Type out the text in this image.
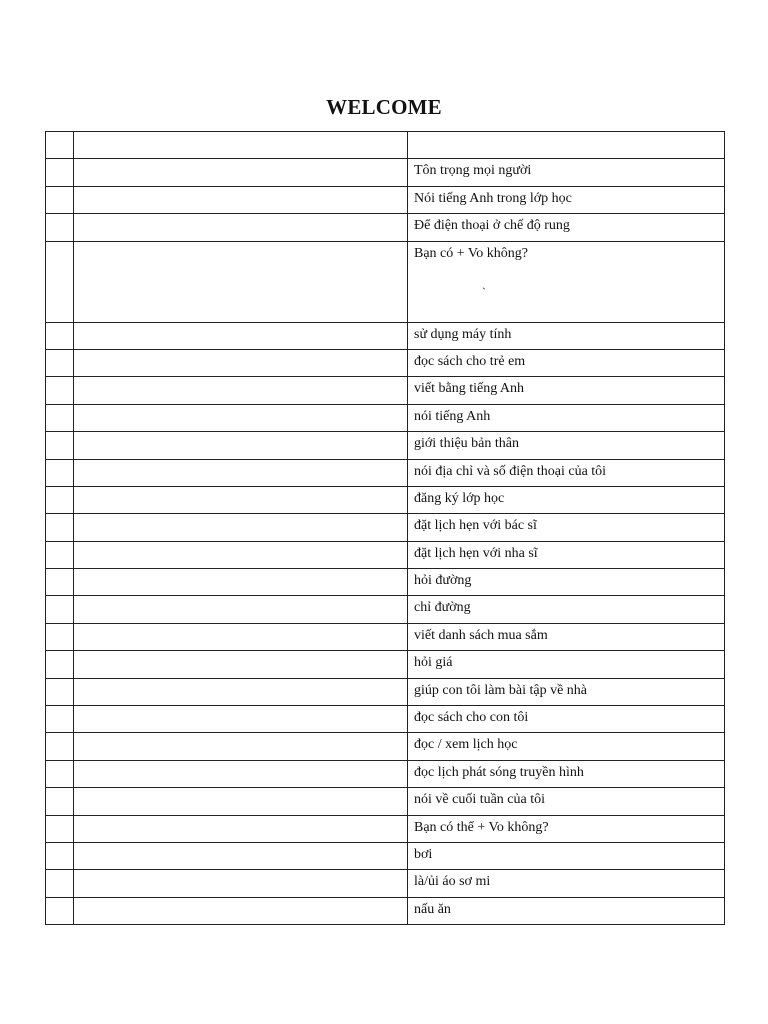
WELCOME

		Tôn trọng mọi người
		Nói tiếng Anh trong lớp học
		Để điện thoại ở chế độ rung
		Bạn có + Vo không?
ˏ

		sử dụng máy tính
		đọc sách cho trẻ em
		viết bằng tiếng Anh
		nói tiếng Anh
		giới thiệu bản thân
		nói địa chỉ và số điện thoại của tôi
		đăng ký lớp học
		đặt lịch hẹn với bác sĩ
		đặt lịch hẹn với nha sĩ
		hỏi đường
		chỉ đường
		viết danh sách mua sắm
		hỏi giá
		giúp con tôi làm bài tập về nhà
		đọc sách cho con tôi
		đọc / xem lịch học
		đọc lịch phát sóng truyền hình
		nói về cuối tuần của tôi
		Bạn có thể + Vo không?
		bơi
		là/ủi áo sơ mi
		nấu ăn
